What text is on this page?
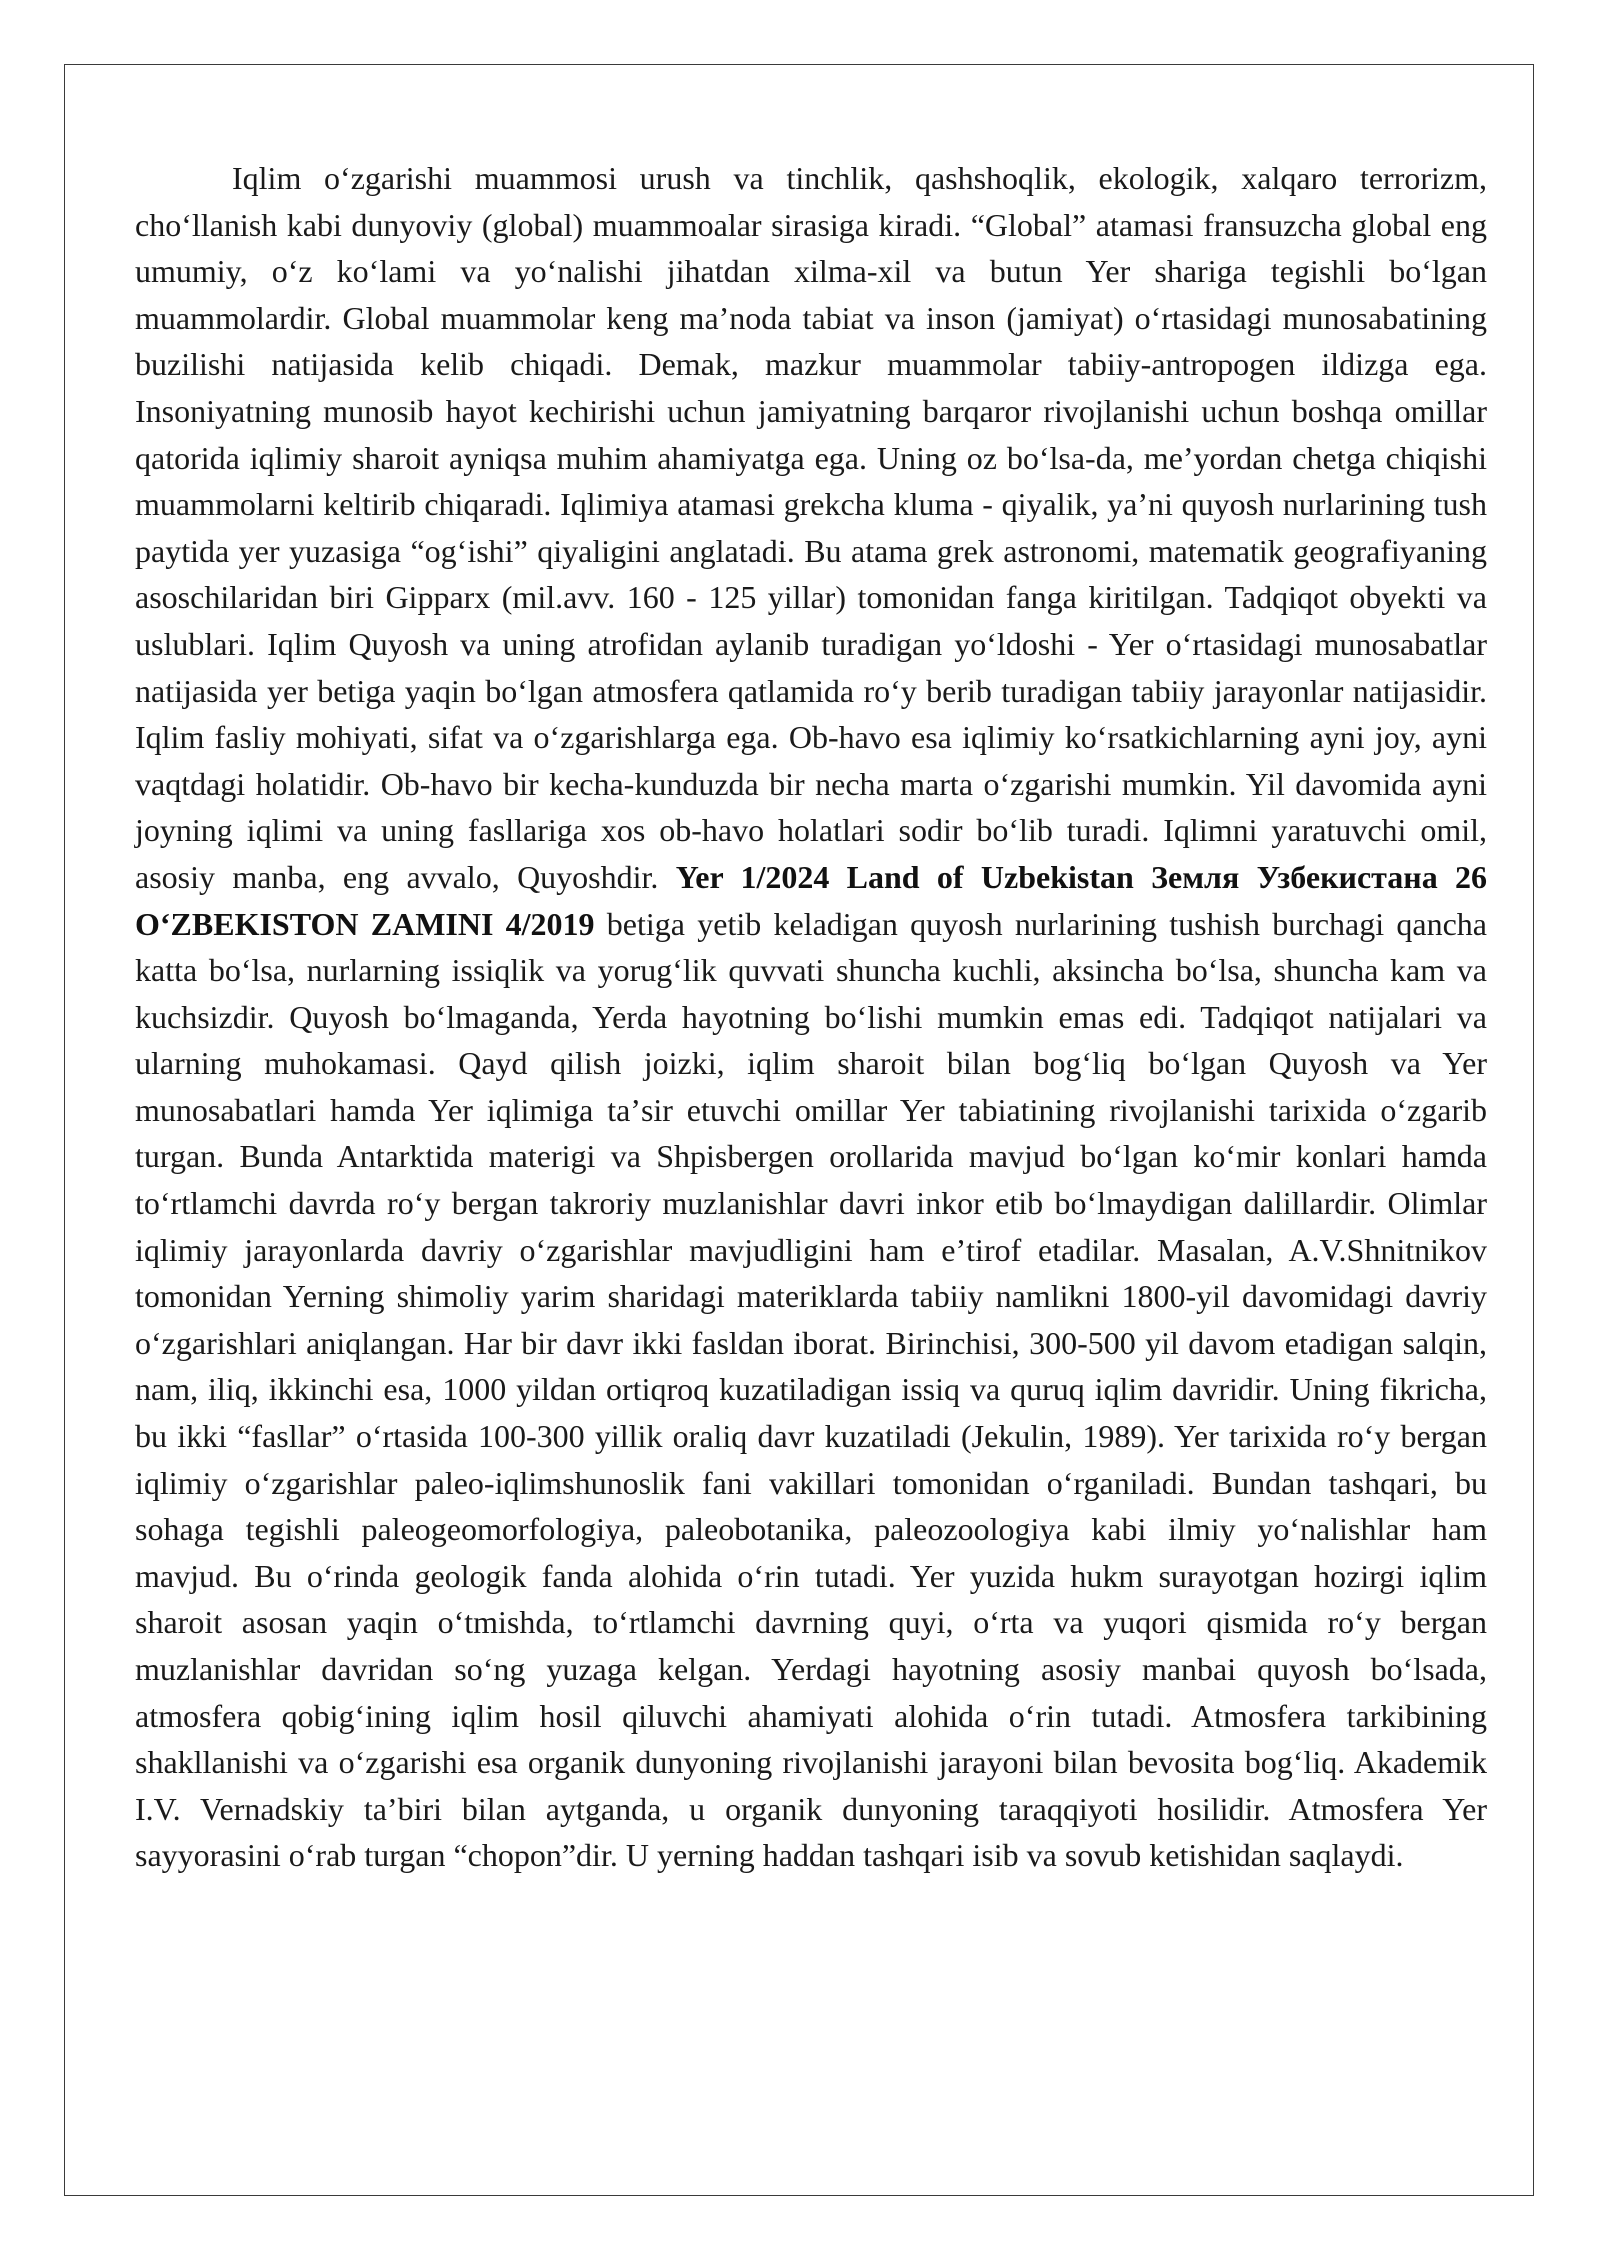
Iqlim oʻzgarishi muammosi urush va tinchlik, qashshoqlik, ekologik, xalqaro terrorizm, choʻllanish kabi dunyoviy (global) muammoalar sirasiga kiradi. “Global” atamasi fransuzcha global eng umumiy, oʻz koʻlami va yoʻnalishi jihatdan xilma-xil va butun Yer shariga tegishli boʻlgan muammolardir. Global muammolar keng maʼnoda tabiat va inson (jamiyat) oʻrtasidagi munosabatining buzilishi natijasida kelib chiqadi. Demak, mazkur muammolar tabiiy-antropogen ildizga ega. Insoniyatning munosib hayot kechirishi uchun jamiyatning barqaror rivojlanishi uchun boshqa omillar qatorida iqlimiy sharoit ayniqsa muhim ahamiyatga ega. Uning oz boʻlsa-da, meʼyordan chetga chiqishi muammolarni keltirib chiqaradi. Iqlimiya atamasi grekcha kluma - qiyalik, yaʼni quyosh nurlarining tush paytida yer yuzasiga “ogʻishi” qiyaligini anglatadi. Bu atama grek astronomi, matematik geografiyaning asoschilaridan biri Gipparx (mil.avv. 160 - 125 yillar) tomonidan fanga kiritilgan. Tadqiqot obyekti va uslublari. Iqlim Quyosh va uning atrofidan aylanib turadigan yoʻldoshi - Yer oʻrtasidagi munosabatlar natijasida yer betiga yaqin boʻlgan atmosfera qatlamida roʻy berib turadigan tabiiy jarayonlar natijasidir. Iqlim fasliy mohiyati, sifat va oʻzgarishlarga ega. Ob-havo esa iqlimiy koʻrsatkichlarning ayni joy, ayni vaqtdagi holatidir. Ob-havo bir kecha-kunduzda bir necha marta oʻzgarishi mumkin. Yil davomida ayni joyning iqlimi va uning fasllariga xos ob-havo holatlari sodir boʻlib turadi. Iqlimni yaratuvchi omil, asosiy manba, eng avvalo, Quyoshdir. Yer 1/2024 Land of Uzbekistan Земля Узбекистана 26 OʻZBEKISTON ZAMINI 4/2019 betiga yetib keladigan quyosh nurlarining tushish burchagi qancha katta boʻlsa, nurlarning issiqlik va yorugʻlik quvvati shuncha kuchli, aksincha boʻlsa, shuncha kam va kuchsizdir. Quyosh boʻlmaganda, Yerda hayotning boʻlishi mumkin emas edi. Tadqiqot natijalari va ularning muhokamasi. Qayd qilish joizki, iqlim sharoit bilan bogʻliq boʻlgan Quyosh va Yer munosabatlari hamda Yer iqlimiga taʼsir etuvchi omillar Yer tabiatining rivojlanishi tarixida oʻzgarib turgan. Bunda Antarktida materigi va Shpisbergen orollarida mavjud boʻlgan koʻmir konlari hamda toʻrtlamchi davrda roʻy bergan takroriy muzlanishlar davri inkor etib boʻlmaydigan dalillardir. Olimlar iqlimiy jarayonlarda davriy oʻzgarishlar mavjudligini ham eʼtirof etadilar. Masalan, A.V.Shnitnikov tomonidan Yerning shimoliy yarim sharidagi materiklarda tabiiy namlikni 1800-yil davomidagi davriy oʻzgarishlari aniqlangan. Har bir davr ikki fasldan iborat. Birinchisi, 300-500 yil davom etadigan salqin, nam, iliq, ikkinchi esa, 1000 yildan ortiqroq kuzatiladigan issiq va quruq iqlim davridir. Uning fikricha, bu ikki “fasllar” oʻrtasida 100-300 yillik oraliq davr kuzatiladi (Jekulin, 1989). Yer tarixida roʻy bergan iqlimiy oʻzgarishlar paleo-iqlimshunoslik fani vakillari tomonidan oʻrganiladi. Bundan tashqari, bu sohaga tegishli paleogeomorfologiya, paleobotanika, paleozoologiya kabi ilmiy yoʻnalishlar ham mavjud. Bu oʻrinda geologik fanda alohida oʻrin tutadi. Yer yuzida hukm surayotgan hozirgi iqlim sharoit asosan yaqin oʻtmishda, toʻrtlamchi davrning quyi, oʻrta va yuqori qismida roʻy bergan muzlanishlar davridan soʻng yuzaga kelgan. Yerdagi hayotning asosiy manbai quyosh boʻlsada, atmosfera qobigʻining iqlim hosil qiluvchi ahamiyati alohida oʻrin tutadi. Atmosfera tarkibining shakllanishi va oʻzgarishi esa organik dunyoning rivojlanishi jarayoni bilan bevosita bogʻliq. Akademik I.V. Vernadskiy taʼbiri bilan aytganda, u organik dunyoning taraqqiyoti hosilidir. Atmosfera Yer sayyorasini oʻrab turgan “chopon”dir. U yerning haddan tashqari isib va sovub ketishidan saqlaydi.
